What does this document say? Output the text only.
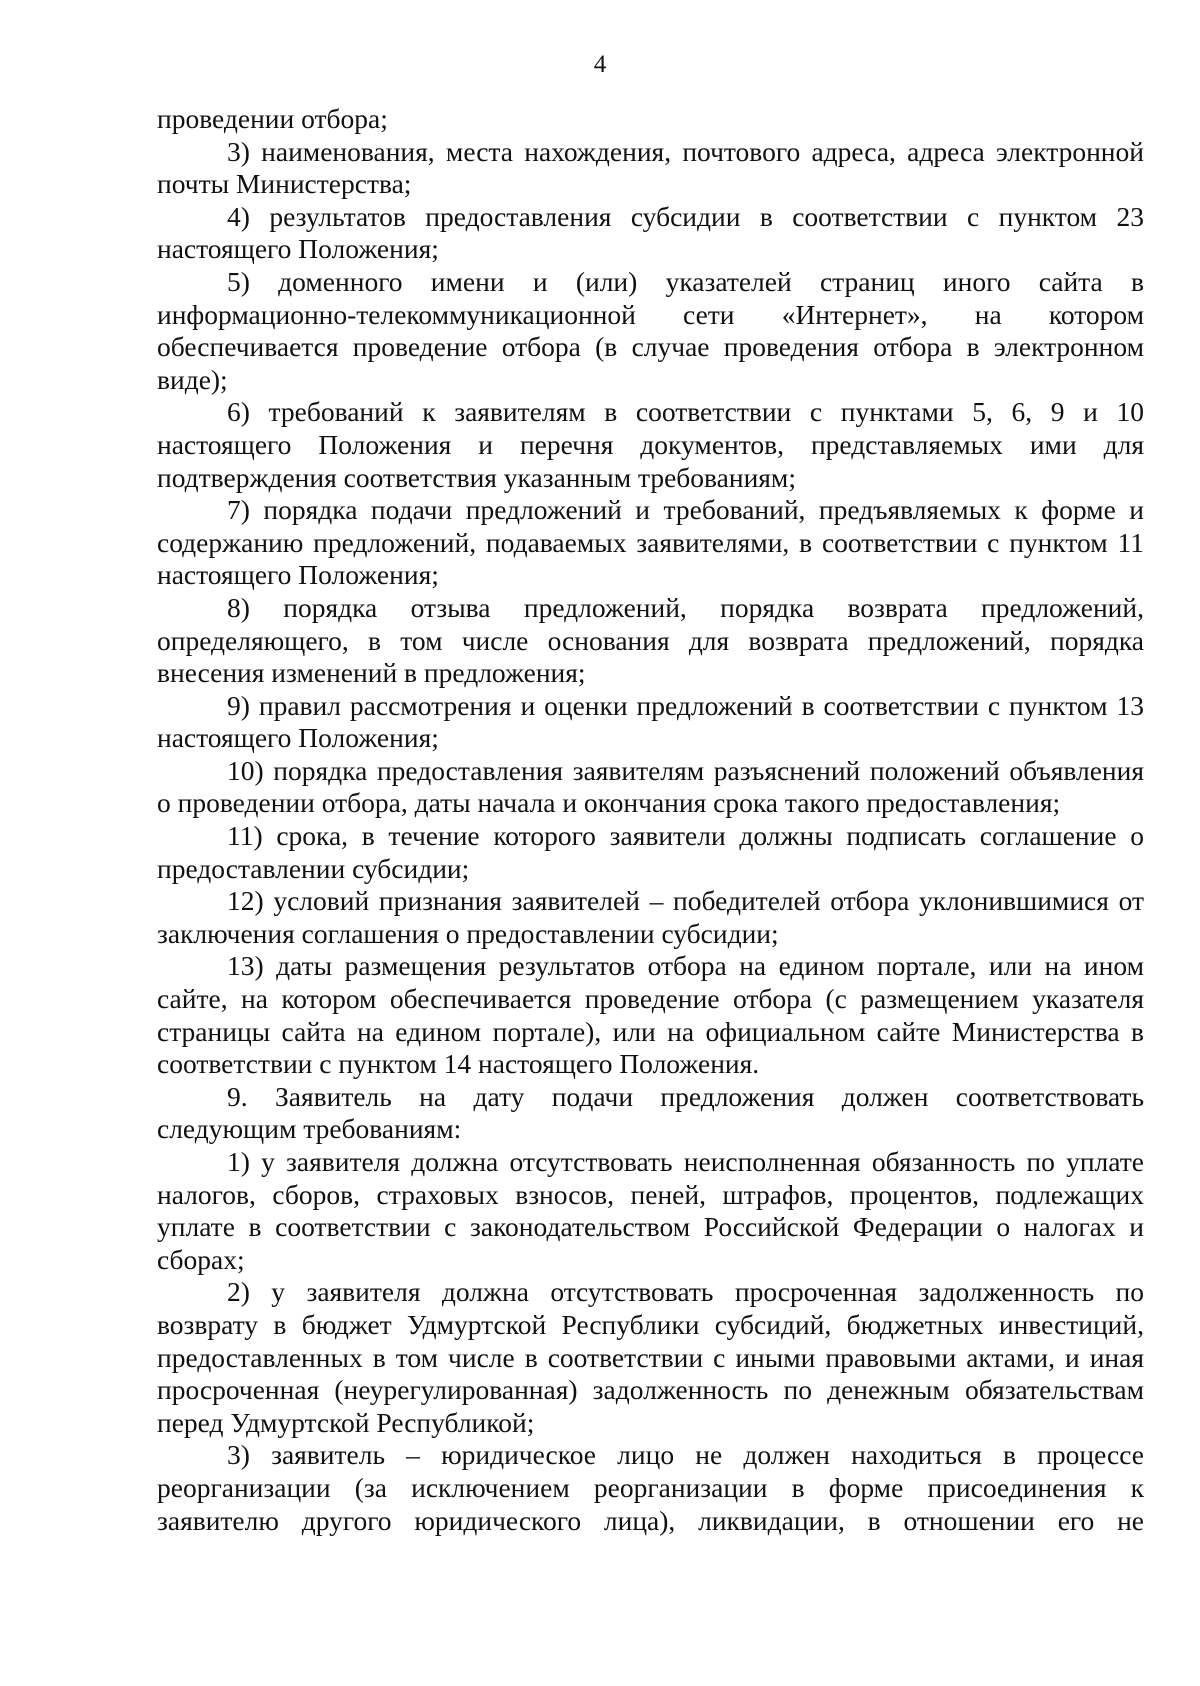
4

проведении отбора;

3) наименования, места нахождения, почтового адреса, адреса электронной почты Министерства;

4) результатов предоставления субсидии в соответствии с пунктом 23 настоящего Положения;

5) доменного имени и (или) указателей страниц иного сайта в информационно-телекоммуникационной сети «Интернет», на котором обеспечивается проведение отбора (в случае проведения отбора в электронном виде);

6) требований к заявителям в соответствии с пунктами 5, 6, 9 и 10 настоящего Положения и перечня документов, представляемых ими для подтверждения соответствия указанным требованиям;

7) порядка подачи предложений и требований, предъявляемых к форме и содержанию предложений, подаваемых заявителями, в соответствии с пунктом 11 настоящего Положения;

8) порядка отзыва предложений, порядка возврата предложений, определяющего, в том числе основания для возврата предложений, порядка внесения изменений в предложения;

9) правил рассмотрения и оценки предложений в соответствии с пунктом 13 настоящего Положения;

10) порядка предоставления заявителям разъяснений положений объявления о проведении отбора, даты начала и окончания срока такого предоставления;

11) срока, в течение которого заявители должны подписать соглашение о предоставлении субсидии;

12) условий признания заявителей – победителей отбора уклонившимися от заключения соглашения о предоставлении субсидии;

13) даты размещения результатов отбора на едином портале, или на ином сайте, на котором обеспечивается проведение отбора (с размещением указателя страницы сайта на едином портале), или на официальном сайте Министерства в соответствии с пунктом 14 настоящего Положения.

9. Заявитель на дату подачи предложения должен соответствовать следующим требованиям:

1) у заявителя должна отсутствовать неисполненная обязанность по уплате налогов, сборов, страховых взносов, пеней, штрафов, процентов, подлежащих уплате в соответствии с законодательством Российской Федерации о налогах и сборах;

2) у заявителя должна отсутствовать просроченная задолженность по возврату в бюджет Удмуртской Республики субсидий, бюджетных инвестиций, предоставленных в том числе в соответствии с иными правовыми актами, и иная просроченная (неурегулированная) задолженность по денежным обязательствам перед Удмуртской Республикой;

3) заявитель – юридическое лицо не должен находиться в процессе реорганизации (за исключением реорганизации в форме присоединения к заявителю другого юридического лица), ликвидации, в отношении его не
